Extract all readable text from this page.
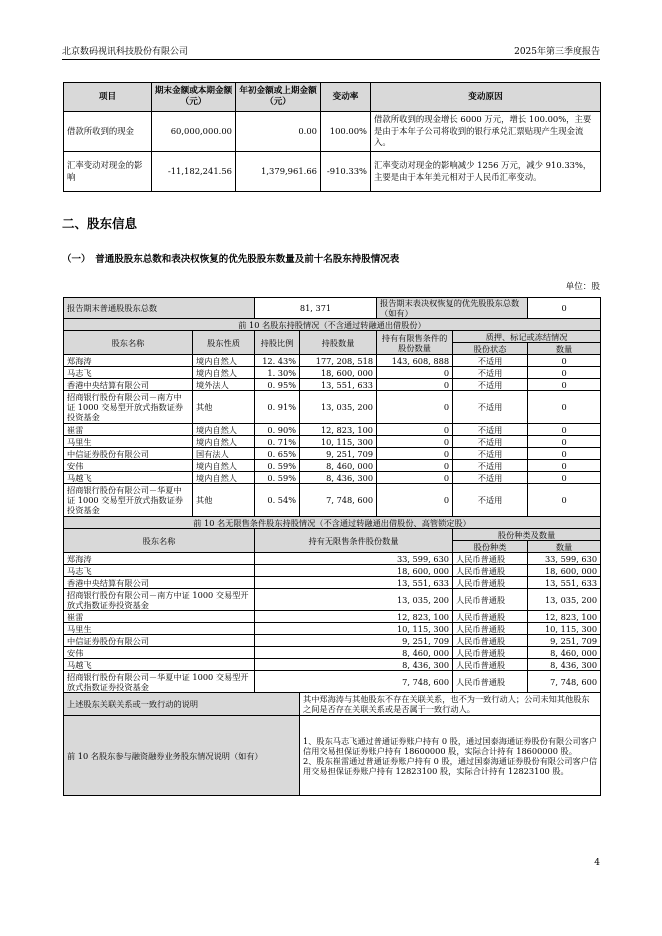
北京数码视讯科技股份有限公司	2025年第三季度报告
项目	期末金额或本期金额（元）	年初金额或上期金额（元）	变动率	变动原因
借款所收到的现金	60,000,000.00	0.00	100.00%	借款所收到的现金增长 6000 万元，增长 100.00%，主要是由于本年子公司将收到的银行承兑汇票贴现产生现金流入。
汇率变动对现金的影响	-11,182,241.56	1,379,961.66	-910.33%	汇率变动对现金的影响减少 1256 万元，减少 910.33%，主要是由于本年美元相对于人民币汇率变动。
二、股东信息
（一）　普通股股东总数和表决权恢复的优先股股东数量及前十名股东持股情况表
单位：股
报告期末普通股股东总数		81, 371		报告期末表决权恢复的优先股股东总数（如有）		0
前 10 名股东持股情况（不含通过转融通出借股份）						
股东名称	股东性质	持股比例	持股数量	持有有限售条件的股份数量	质押、标记或冻结情况	
					股份状态	数量
郑海涛	境内自然人	12. 43%	177, 208, 518	143, 608, 888	不适用	0
马志飞	境内自然人	1. 30%	18, 600, 000	0	不适用	0
香港中央结算有限公司	境外法人	0. 95%	13, 551, 633	0	不适用	0
招商银行股份有限公司－南方中证 1000 交易型开放式指数证券投资基金	其他	0. 91%	13, 035, 200	0	不适用	0
崔雷	境内自然人	0. 90%	12, 823, 100	0	不适用	0
马里生	境内自然人	0. 71%	10, 115, 300	0	不适用	0
中信证券股份有限公司	国有法人	0. 65%	9, 251, 709	0	不适用	0
安伟	境内自然人	0. 59%	8, 460, 000	0	不适用	0
马越飞	境内自然人	0. 59%	8, 436, 300	0	不适用	0
招商银行股份有限公司－华夏中证 1000 交易型开放式指数证券投资基金	其他	0. 54%	7, 748, 600	0	不适用	0
前 10 名无限售条件股东持股情况（不含通过转融通出借股份、高管锁定股）						
股东名称		持有无限售条件股份数量			股份种类及数量	
					股份种类	数量
郑海涛		33, 599, 630			人民币普通股	33, 599, 630
马志飞		18, 600, 000			人民币普通股	18, 600, 000
香港中央结算有限公司		13, 551, 633			人民币普通股	13, 551, 633
招商银行股份有限公司－南方中证 1000 交易型开放式指数证券投资基金		13, 035, 200			人民币普通股	13, 035, 200
崔雷		12, 823, 100			人民币普通股	12, 823, 100
马里生		10, 115, 300			人民币普通股	10, 115, 300
中信证券股份有限公司		9, 251, 709			人民币普通股	9, 251, 709
安伟		8, 460, 000			人民币普通股	8, 460, 000
马越飞		8, 436, 300			人民币普通股	8, 436, 300
招商银行股份有限公司－华夏中证 1000 交易型开放式指数证券投资基金		7, 748, 600			人民币普通股	7, 748, 600
上述股东关联关系或一致行动的说明			其中郑海涛与其他股东不存在关联关系，也不为一致行动人；公司未知其他股东之间是否存在关联关系或是否属于一致行动人。			
前 10 名股东参与融资融券业务股东情况说明（如有）			1、股东马志飞通过普通证券账户持有 0 股，通过国泰海通证券股份有限公司客户信用交易担保证券账户持有 18600000 股，实际合计持有 18600000 股。
2、股东崔雷通过普通证券账户持有 0 股，通过国泰海通证券股份有限公司客户信用交易担保证券账户持有 12823100 股，实际合计持有 12823100 股。			
4
